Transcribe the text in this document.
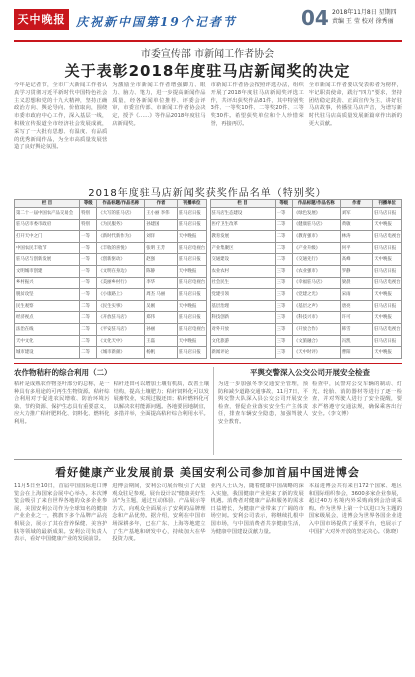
天中晚报 庆祝新中国第19个记者节	04 2018年11月8日 星期四
责编 王 莹 校对 徐秀丽
市委宣传部 市新闻工作者协会
关于表彰2018年度驻马店新闻奖的决定
今年是记者节，全市广大新闻工作者认真学习贯彻习近平新时代中国特色社会主义思想和党的十九大精神，坚持正确政治方向、舆论导向、价值取向，围绕市委市政府中心工作，深入基层一线，积极宣传报道全市经济社会发展成就，采写了一大批有思想、有温度、有品质的优秀新闻作品，为全市高质量发展营造了良好舆论氛围。
为激励全市新闻工作者增强脚力、眼力、脑力、笔力，进一步提高新闻作品质量，经各新闻单位推荐、评委会评审，市委宣传部、市新闻工作者协会决定，授予《……》等作品2018年度驻马店新闻奖。
市新闻工作者协会按照评选办法，组织开展了2018年度驻马店新闻奖评选工作，共评出获奖作品81件，其中特别奖3件、一等奖10件、二等奖20件、三等奖30件。希望获奖单位和个人珍惜荣誉，再接再厉。
全市新闻工作者要以受表彰者为榜样，牢记职责使命，践行"四力"要求，坚持团结稳定鼓劲、正面宣传为主，讲好驻马店故事，传播驻马店声音，为谱写新时代驻马店高质量发展新篇章作出新的更大贡献。
2018年度驻马店新闻奖获奖作品名单（特别奖）
栏 目	等级	作品标题/作品名称	作者	刊播单位
第二十一届中国农产品交易会	特别	《大写的驻马店》	王小丽 李伟	驻马店日报
驻马店市委市政府	特别	《为民服务》	孙建国	驻马店日报
打开天中之门	一等	《新时代新作为》	刘洋	天中晚报
中国农民丰收节	一等	《丰收的喜悦》	张明 王芳	驻马店电视台
驻马店与创新发展	一等	《创新驱动》	赵强	驻马店日报
文明城市创建	一等	《文明在身边》	陈静	天中晚报
乡村振兴	一等	《美丽乡村行》	李华	驻马店电视台
脱贫攻坚	一等	《小康路上》	周杰 马丽	驻马店日报
民生观察	二等	《民生实事》	吴刚	天中晚报
经济视点	二等	《开放驻马店》	郑伟	驻马店日报
法治在线	二等	《平安驻马店》	孙丽	驻马店电视台
天中文化	二等	《文化天中》	王磊	天中晚报
城市建设	二等	《城市新颜》	杨帆	驻马店日报
栏 目	等级	作品标题/作品名称	作者	刊播单位
驻马店生态建设	一等	《绿色发展》	刘军	驻马店日报
医疗卫生改革	二等	《健康驻马店》	黄敏	天中晚报
教育发展	二等	《教育强市》	林涛	驻马店电视台
产业集聚区	二等	《产业升级》	何平	驻马店日报
交通建设	二等	《交通先行》	高峰	天中晚报
农业农村	三等	《农业强市》	罗静	驻马店日报
社会民生	三等	《幸福驻马店》	梁晨	驻马店电视台
党建引领	三等	《党建之光》	宋雨	天中晚报
基层治理	三等	《基层之声》	唐亮	驻马店日报
科技创新	三等	《科技兴市》	许可	天中晚报
对外开放	三等	《开放合作》	韩雪	驻马店电视台
文化旅游	三等	《文旅融合》	冯凯	驻马店日报
新闻评论	三等	《天中时评》	曹阳	天中晚报
农作物秸秆的综合利用（二）
秸秆是成熟农作物茎叶部分的总称，是一种具有多用途的可再生生物资源。秸秆综合利用对于促进农民增收、防治环境污染、节约资源、保护生态具有重要意义，应大力推广秸秆肥料化、饲料化、燃料化利用。
秸秆还田可以增加土壤有机质，改善土壤结构，提高土壤肥力；秸秆饲料化可以发展畜牧业，实现过腹还田；秸秆燃料化可以解决农村能源问题。各地要因地制宜，多措并举，全面提高秸秆综合利用水平。
平舆交警深入公交公司开展安全检查
为进一步加强冬季交通安全管理，预防和减少道路交通事故，11月7日，平舆交警大队深入县公交公司开展安全检查，督促企业落实安全生产主体责任，排查车辆安全隐患，加强驾驶人安全教育。
检查中，民警对公交车辆的制动、灯光、轮胎、消防器材等进行了逐一检查，并对驾驶人进行了安全提醒，要求严格遵守交通法规，确保乘客出行安全。（李文博）
看好健康产业发展前景 美国安利公司参加首届中国进博会
11月5日至10日，首届中国国际进口博览会在上海国家会展中心举办。本次博览会吸引了来自世界各地的众多企业参展，美国安利公司作为全球知名的健康产业企业之一，携旗下多个品牌产品亮相展会，展示了其在营养保健、美容护肤等领域的最新成果。安利公司负责人表示，看好中国健康产业的发展前景。
进博会期间，安利公司展台吸引了大量观众驻足参观。展台设计以"健康美好生活"为主题，通过互动体验、产品展示等方式，向观众全面展示了安利的品牌理念和产品优势。据介绍，安利在中国市场深耕多年，已在广东、上海等地建立了生产基地和研发中心，持续加大在华投资力度。
业内人士认为，随着健康中国战略的深入实施，我国健康产业迎来了新的发展机遇。消费者对健康产品和服务的需求日益增长，为健康产业带来了广阔的市场空间。安利公司表示，将继续扎根中国市场，与中国消费者共享健康生活，为健康中国建设贡献力量。
本届进博会共有来自172个国家、地区和国际组织参会，3600多家企业参展，超过40万名境内外采购商到会洽谈采购。作为世界上第一个以进口为主题的国家级展会，进博会为世界各国企业进入中国市场提供了重要平台，也展示了中国扩大对外开放的坚定决心。（陈晓）
